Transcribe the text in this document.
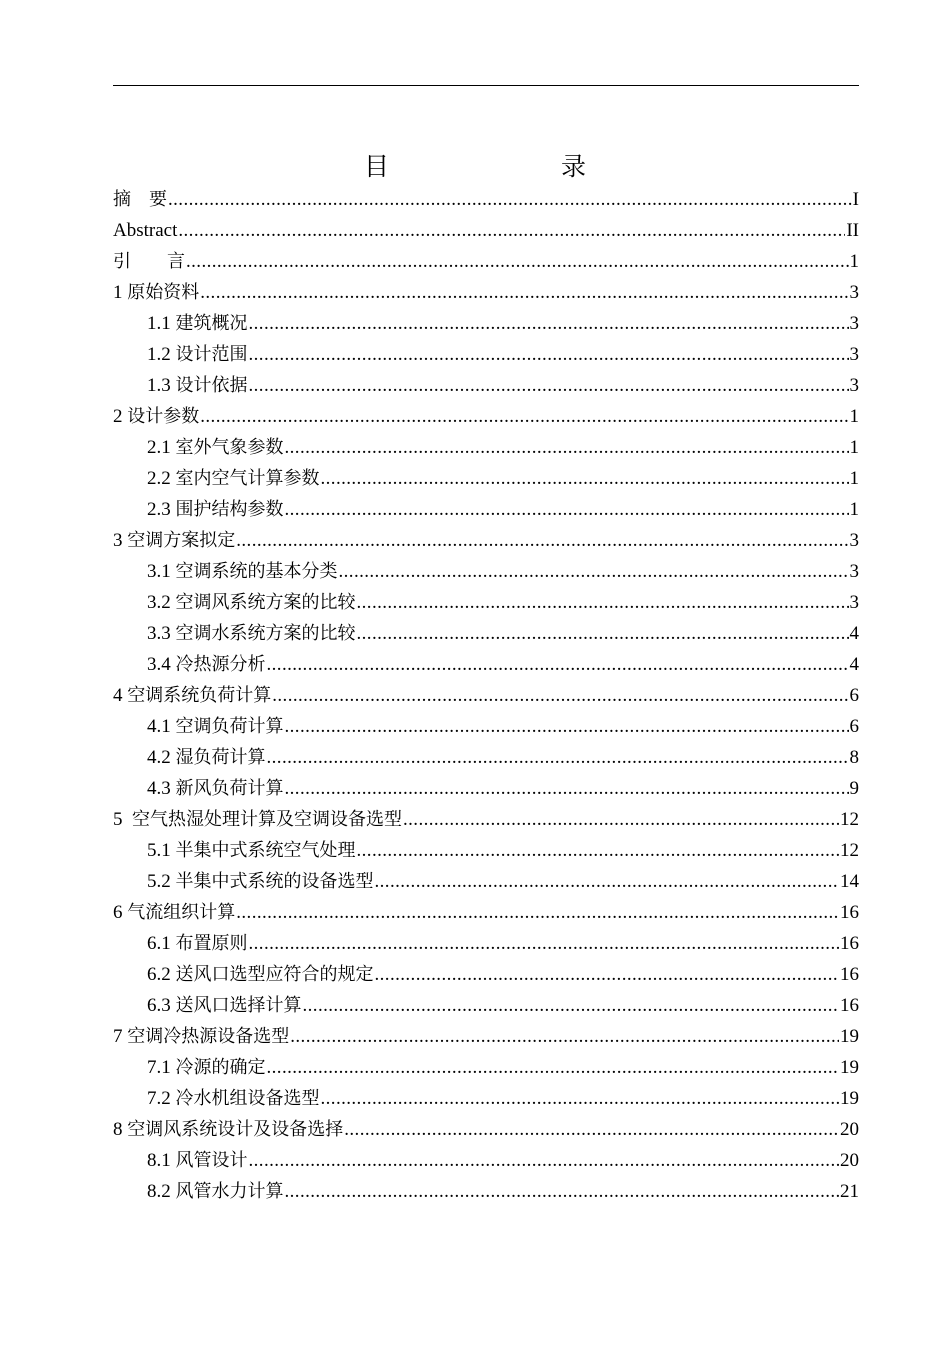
目  录
摘　要 .....	I
Abstract .....	II
引　　言 .....	1
1 原始资料 .....	3
1.1 建筑概况 .....	3
1.2 设计范围 .....	3
1.3 设计依据 .....	3
2 设计参数 .....	1
2.1 室外气象参数 .....	1
2.2 室内空气计算参数 .....	1
2.3 围护结构参数 .....	1
3 空调方案拟定 .....	3
3.1 空调系统的基本分类 .....	3
3.2 空调风系统方案的比较 .....	3
3.3 空调水系统方案的比较 .....	4
3.4 冷热源分析 .....	4
4 空调系统负荷计算 .....	6
4.1 空调负荷计算 .....	6
4.2 湿负荷计算 .....	8
4.3 新风负荷计算 .....	9
5  空气热湿处理计算及空调设备选型 .....	12
5.1 半集中式系统空气处理 .....	12
5.2 半集中式系统的设备选型 .....	14
6 气流组织计算 .....	16
6.1 布置原则 .....	16
6.2 送风口选型应符合的规定 .....	16
6.3 送风口选择计算 .....	16
7 空调冷热源设备选型 .....	19
7.1 冷源的确定 .....	19
7.2 冷水机组设备选型 .....	19
8 空调风系统设计及设备选择 .....	20
8.1 风管设计 .....	20
8.2 风管水力计算 .....	21
